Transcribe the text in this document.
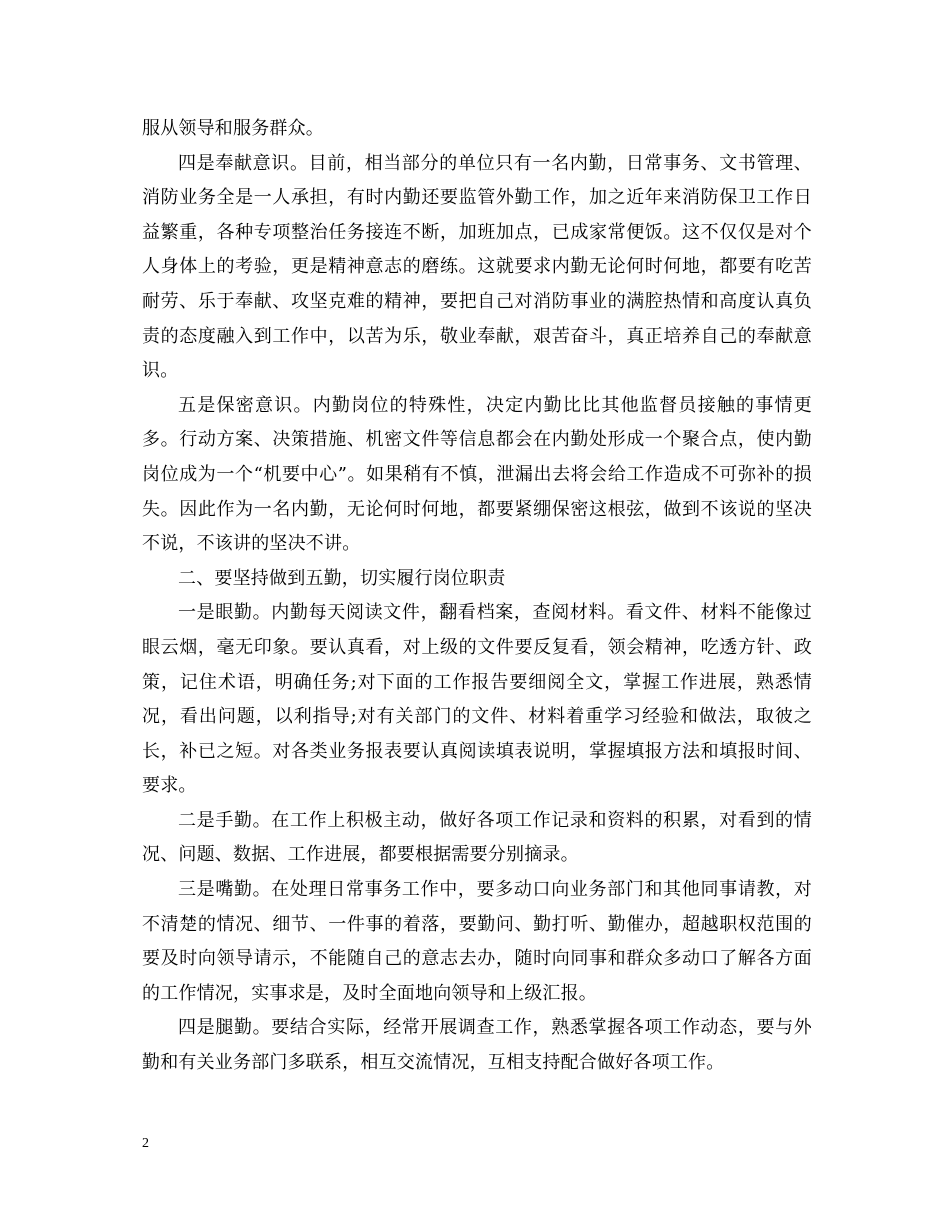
服从领导和服务群众。

四是奉献意识。目前，相当部分的单位只有一名内勤，日常事务、文书管理、消防业务全是一人承担，有时内勤还要监管外勤工作，加之近年来消防保卫工作日益繁重，各种专项整治任务接连不断，加班加点，已成家常便饭。这不仅仅是对个人身体上的考验，更是精神意志的磨练。这就要求内勤无论何时何地，都要有吃苦耐劳、乐于奉献、攻坚克难的精神，要把自己对消防事业的满腔热情和高度认真负责的态度融入到工作中，以苦为乐，敬业奉献，艰苦奋斗，真正培养自己的奉献意识。

五是保密意识。内勤岗位的特殊性，决定内勤比比其他监督员接触的事情更多。行动方案、决策措施、机密文件等信息都会在内勤处形成一个聚合点，使内勤岗位成为一个“机要中心”。如果稍有不慎，泄漏出去将会给工作造成不可弥补的损失。因此作为一名内勤，无论何时何地，都要紧绷保密这根弦，做到不该说的坚决不说，不该讲的坚决不讲。

二、要坚持做到五勤，切实履行岗位职责

一是眼勤。内勤每天阅读文件，翻看档案，查阅材料。看文件、材料不能像过眼云烟，毫无印象。要认真看，对上级的文件要反复看，领会精神，吃透方针、政策，记住术语，明确任务;对下面的工作报告要细阅全文，掌握工作进展，熟悉情况，看出问题，以利指导;对有关部门的文件、材料着重学习经验和做法，取彼之长，补已之短。对各类业务报表要认真阅读填表说明，掌握填报方法和填报时间、要求。

二是手勤。在工作上积极主动，做好各项工作记录和资料的积累，对看到的情况、问题、数据、工作进展，都要根据需要分别摘录。

三是嘴勤。在处理日常事务工作中，要多动口向业务部门和其他同事请教，对不清楚的情况、细节、一件事的着落，要勤问、勤打听、勤催办，超越职权范围的要及时向领导请示，不能随自己的意志去办，随时向同事和群众多动口了解各方面的工作情况，实事求是，及时全面地向领导和上级汇报。

四是腿勤。要结合实际，经常开展调查工作，熟悉掌握各项工作动态，要与外勤和有关业务部门多联系，相互交流情况，互相支持配合做好各项工作。

2
